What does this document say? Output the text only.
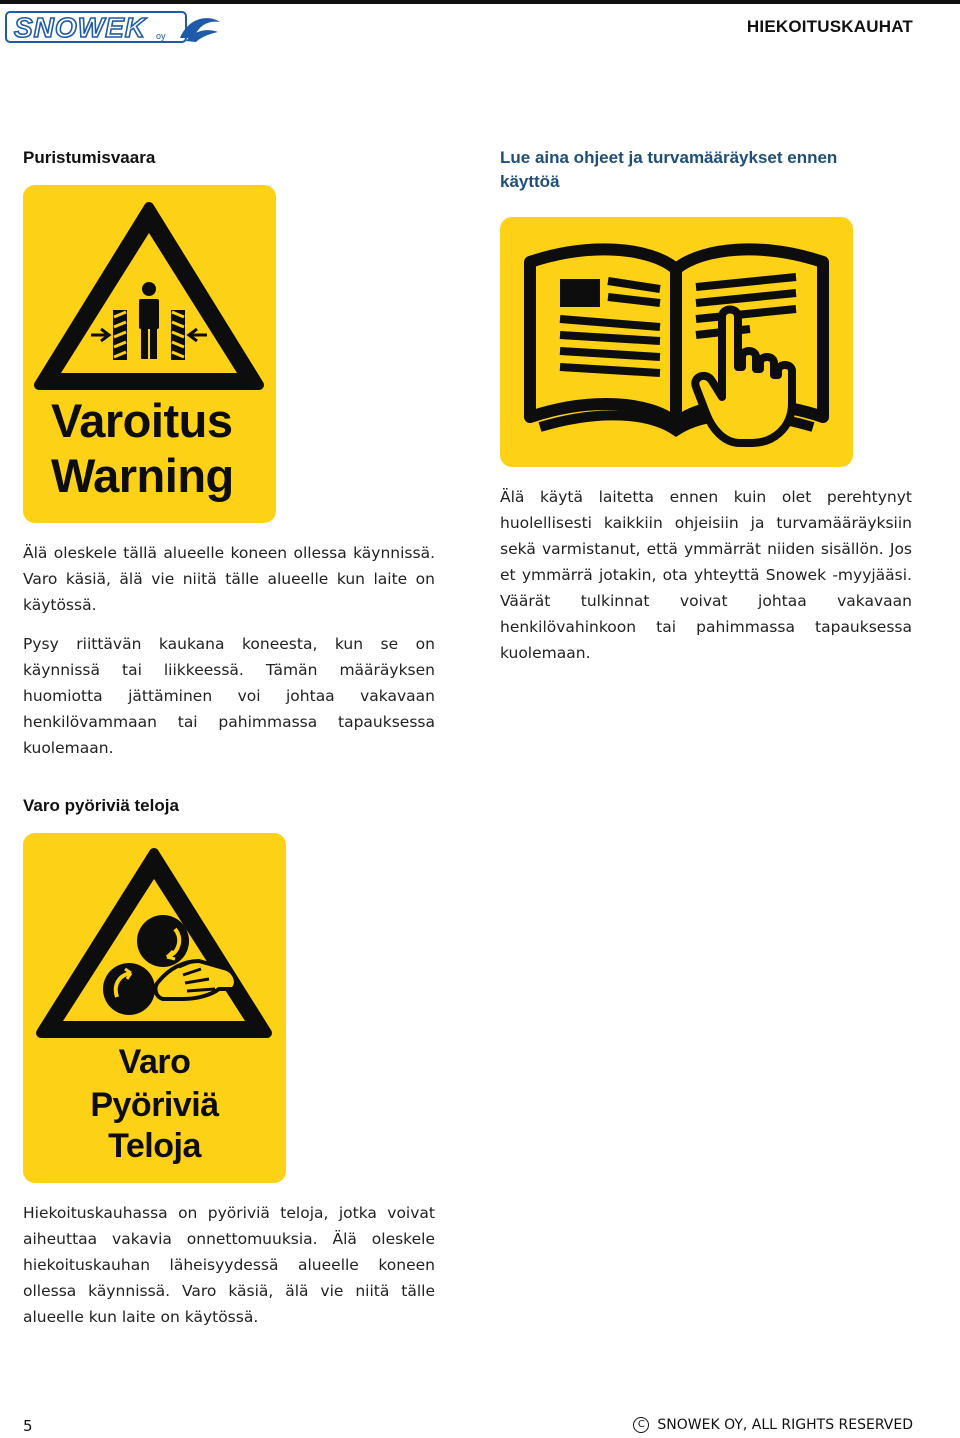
SNOWEK oy	HIEKOITUSKAUHAT
Puristumisvaara
Varoitus
Warning

Älä oleskele tällä alueelle koneen ollessa käynnissä. Varo käsiä, älä vie niitä tälle alueelle kun laite on käytössä.

Pysy riittävän kaukana koneesta, kun se on käynnissä tai liikkeessä. Tämän määräyksen huomiotta jättäminen voi johtaa vakavaan henkilövammaan tai pahimmassa tapauksessa kuolemaan.

Lue aina ohjeet ja turvamääräykset ennen käyttöä

Älä käytä laitetta ennen kuin olet perehtynyt huolellisesti kaikkiin ohjeisiin ja turvamääräyksiin sekä varmistanut, että ymmärrät niiden sisällön. Jos et ymmärrä jotakin, ota yhteyttä Snowek -myyjääsi. Väärät tulkinnat voivat johtaa vakavaan henkilövahinkoon tai pahimmassa tapauksessa kuolemaan.

Varo pyöriviä teloja
Varo
Pyöriviä
Teloja

Hiekoituskauhassa on pyöriviä teloja, jotka voivat aiheuttaa vakavia onnettomuuksia. Älä oleskele hiekoituskauhan läheisyydessä alueelle koneen ollessa käynnissä. Varo käsiä, älä vie niitä tälle alueelle kun laite on käytössä.

5	C SNOWEK OY, ALL RIGHTS RESERVED
